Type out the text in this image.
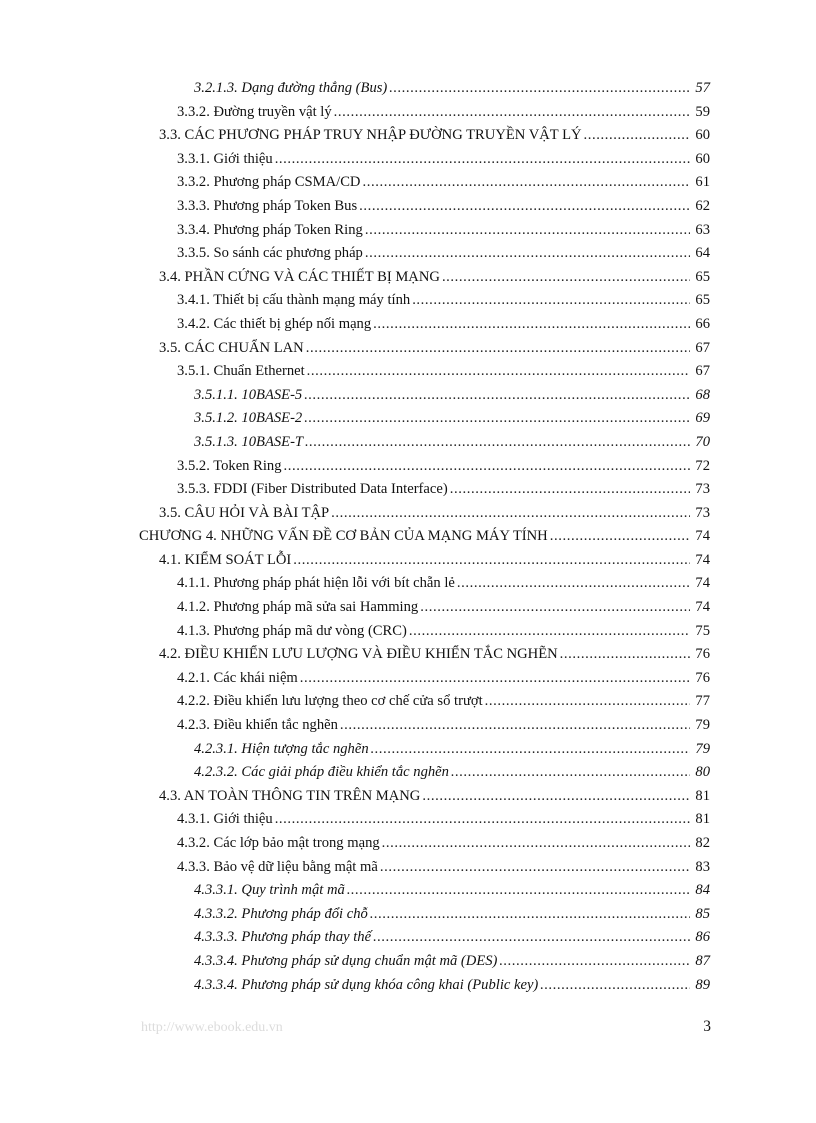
3.2.1.3. Dạng đường thẳng (Bus) .....	57
3.3.2. Đường truyền vật lý .....	59
3.3. CÁC PHƯƠNG PHÁP TRUY NHẬP ĐƯỜNG TRUYỀN VẬT LÝ .....	60
3.3.1. Giới thiệu .....	60
3.3.2. Phương pháp CSMA/CD .....	61
3.3.3. Phương pháp Token Bus .....	62
3.3.4. Phương pháp Token Ring .....	63
3.3.5. So sánh các phương pháp .....	64
3.4. PHẦN CỨNG VÀ CÁC THIẾT BỊ MẠNG .....	65
3.4.1. Thiết bị cấu thành mạng máy tính .....	65
3.4.2. Các thiết bị ghép nối mạng .....	66
3.5. CÁC CHUẨN LAN .....	67
3.5.1. Chuẩn Ethernet .....	67
3.5.1.1. 10BASE-5 .....	68
3.5.1.2. 10BASE-2 .....	69
3.5.1.3. 10BASE-T .....	70
3.5.2. Token Ring .....	72
3.5.3. FDDI (Fiber Distributed Data Interface) .....	73
3.5. CÂU HỎI VÀ BÀI TẬP .....	73
CHƯƠNG 4. NHỮNG VẤN ĐỀ CƠ BẢN CỦA MẠNG MÁY TÍNH .....	74
4.1. KIỂM SOÁT LỖI .....	74
4.1.1. Phương pháp phát hiện lỗi với bít chẵn lẻ .....	74
4.1.2. Phương pháp mã sửa sai Hamming .....	74
4.1.3. Phương pháp mã dư vòng (CRC) .....	75
4.2. ĐIỀU KHIỂN LƯU LƯỢNG VÀ ĐIỀU KHIỂN TẮC NGHẼN .....	76
4.2.1. Các khái niệm .....	76
4.2.2. Điều khiển lưu lượng theo cơ chế cửa sổ trượt .....	77
4.2.3. Điều khiển tắc nghẽn .....	79
4.2.3.1. Hiện tượng tắc nghẽn .....	79
4.2.3.2. Các giải pháp điều khiển tắc nghẽn .....	80
4.3. AN TOÀN THÔNG TIN TRÊN MẠNG .....	81
4.3.1. Giới thiệu .....	81
4.3.2. Các lớp bảo mật trong mạng .....	82
4.3.3. Bảo vệ dữ liệu bằng mật mã .....	83
4.3.3.1. Quy trình mật mã .....	84
4.3.3.2. Phương pháp đổi chỗ .....	85
4.3.3.3. Phương pháp thay thế .....	86
4.3.3.4. Phương pháp sử dụng chuẩn mật mã (DES) .....	87
4.3.3.4. Phương pháp sử dụng khóa công khai (Public key) .....	89
http://www.ebook.edu.vn	3
